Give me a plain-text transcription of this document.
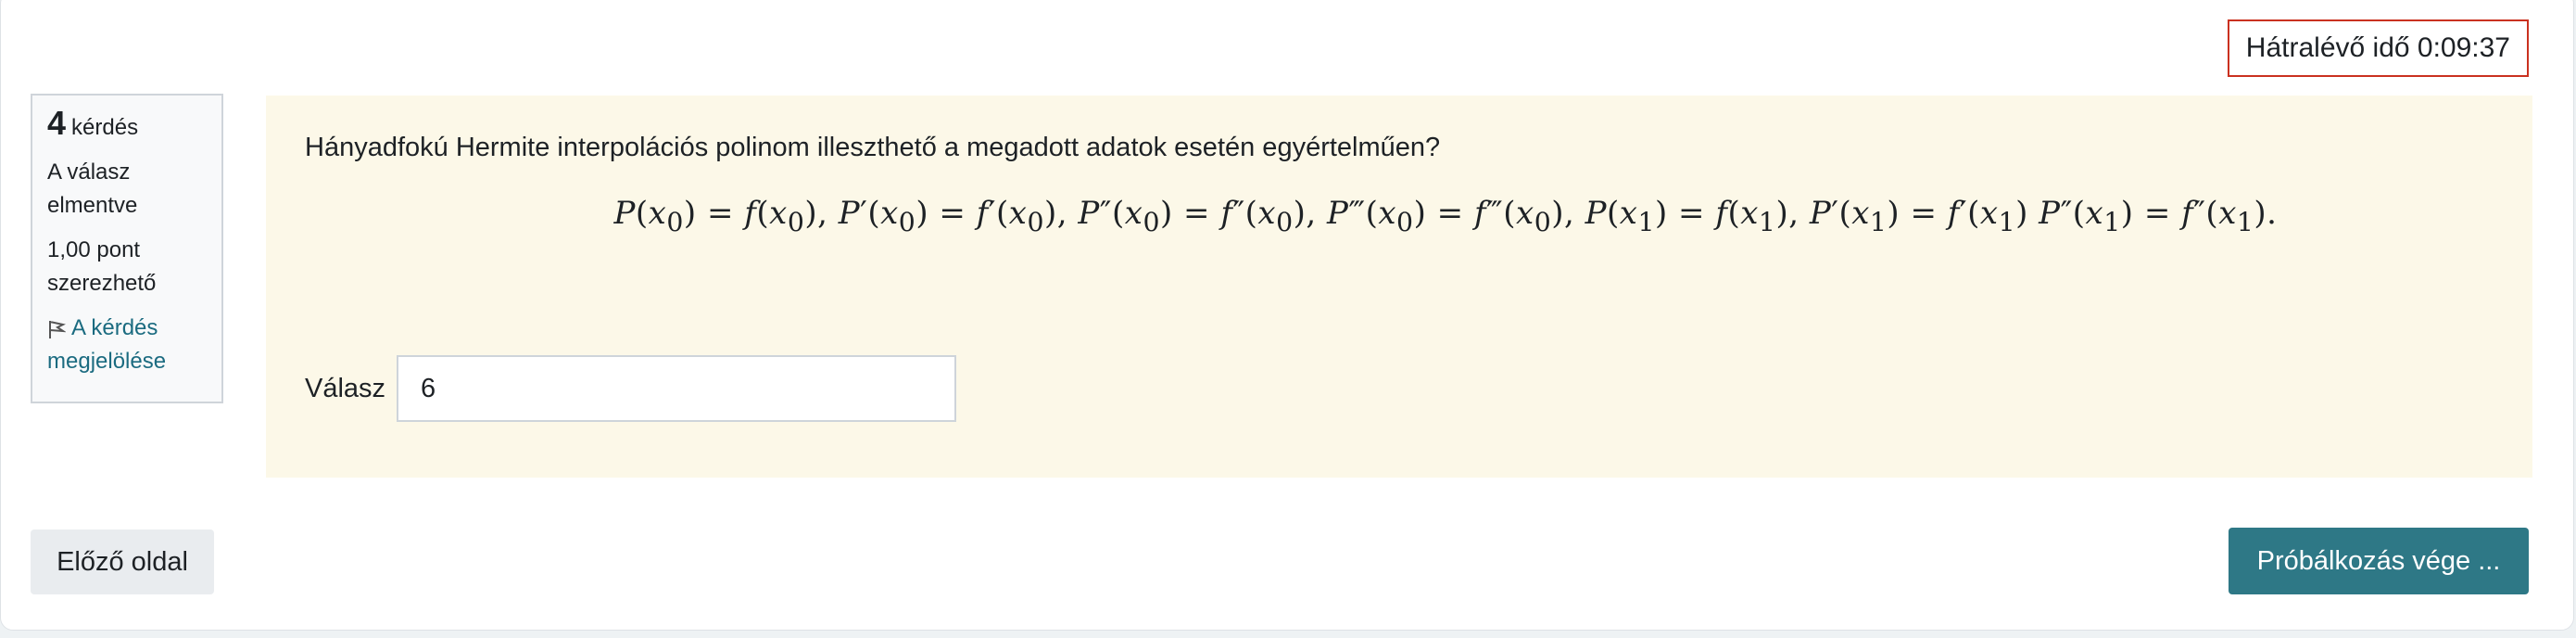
Hátralévő idő 0:09:37
4 kérdés
A válasz elmentve
1,00 pont szerezhető
A kérdés megjelölése
Hányadfokú Hermite interpolációs polinom illeszthető a megadott adatok esetén egyértelműen?
$P(x_0) = f(x_0)$, $P'(x_0) = f'(x_0)$, $P''(x_0) = f''(x_0)$, $P‴(x_0)$ = $f‴(x_0)$, $P(x_1) = f(x_1)$, $P'(x_1) = f'(x_1) P''(x_1) = f''(x_1)$.
Válasz
6
Előző oldal	Próbálkozás vége ...
